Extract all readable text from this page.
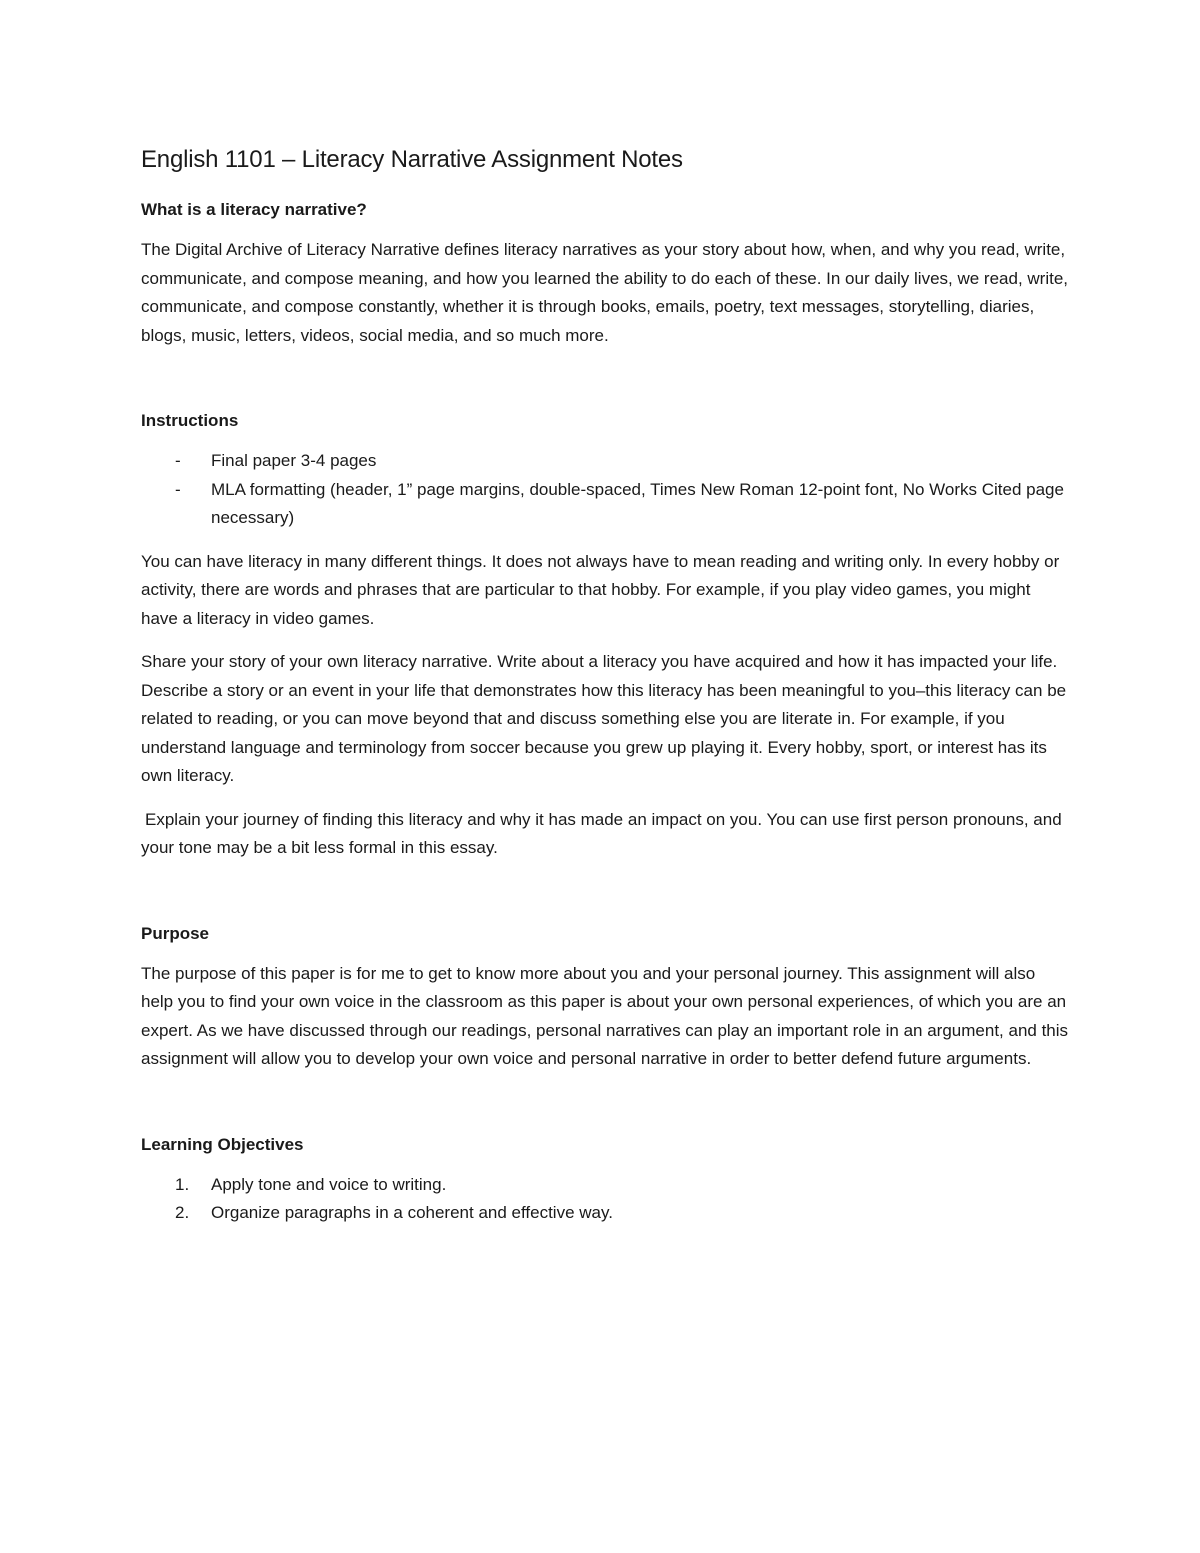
English 1101 – Literacy Narrative Assignment Notes
What is a literacy narrative?

The Digital Archive of Literacy Narrative defines literacy narratives as your story about how, when, and why you read, write, communicate, and compose meaning, and how you learned the ability to do each of these. In our daily lives, we read, write, communicate, and compose constantly, whether it is through books, emails, poetry, text messages, storytelling, diaries, blogs, music, letters, videos, social media, and so much more.

Instructions
- Final paper 3-4 pages
- MLA formatting (header, 1” page margins, double-spaced, Times New Roman 12-point font, No Works Cited page necessary)

You can have literacy in many different things. It does not always have to mean reading and writing only. In every hobby or activity, there are words and phrases that are particular to that hobby. For example, if you play video games, you might have a literacy in video games.

Share your story of your own literacy narrative. Write about a literacy you have acquired and how it has impacted your life. Describe a story or an event in your life that demonstrates how this literacy has been meaningful to you–this literacy can be related to reading, or you can move beyond that and discuss something else you are literate in. For example, if you understand language and terminology from soccer because you grew up playing it. Every hobby, sport, or interest has its own literacy.

Explain your journey of finding this literacy and why it has made an impact on you. You can use first person pronouns, and your tone may be a bit less formal in this essay.

Purpose

The purpose of this paper is for me to get to know more about you and your personal journey. This assignment will also help you to find your own voice in the classroom as this paper is about your own personal experiences, of which you are an expert. As we have discussed through our readings, personal narratives can play an important role in an argument, and this assignment will allow you to develop your own voice and personal narrative in order to better defend future arguments.

Learning Objectives
1. Apply tone and voice to writing.
2. Organize paragraphs in a coherent and effective way.
